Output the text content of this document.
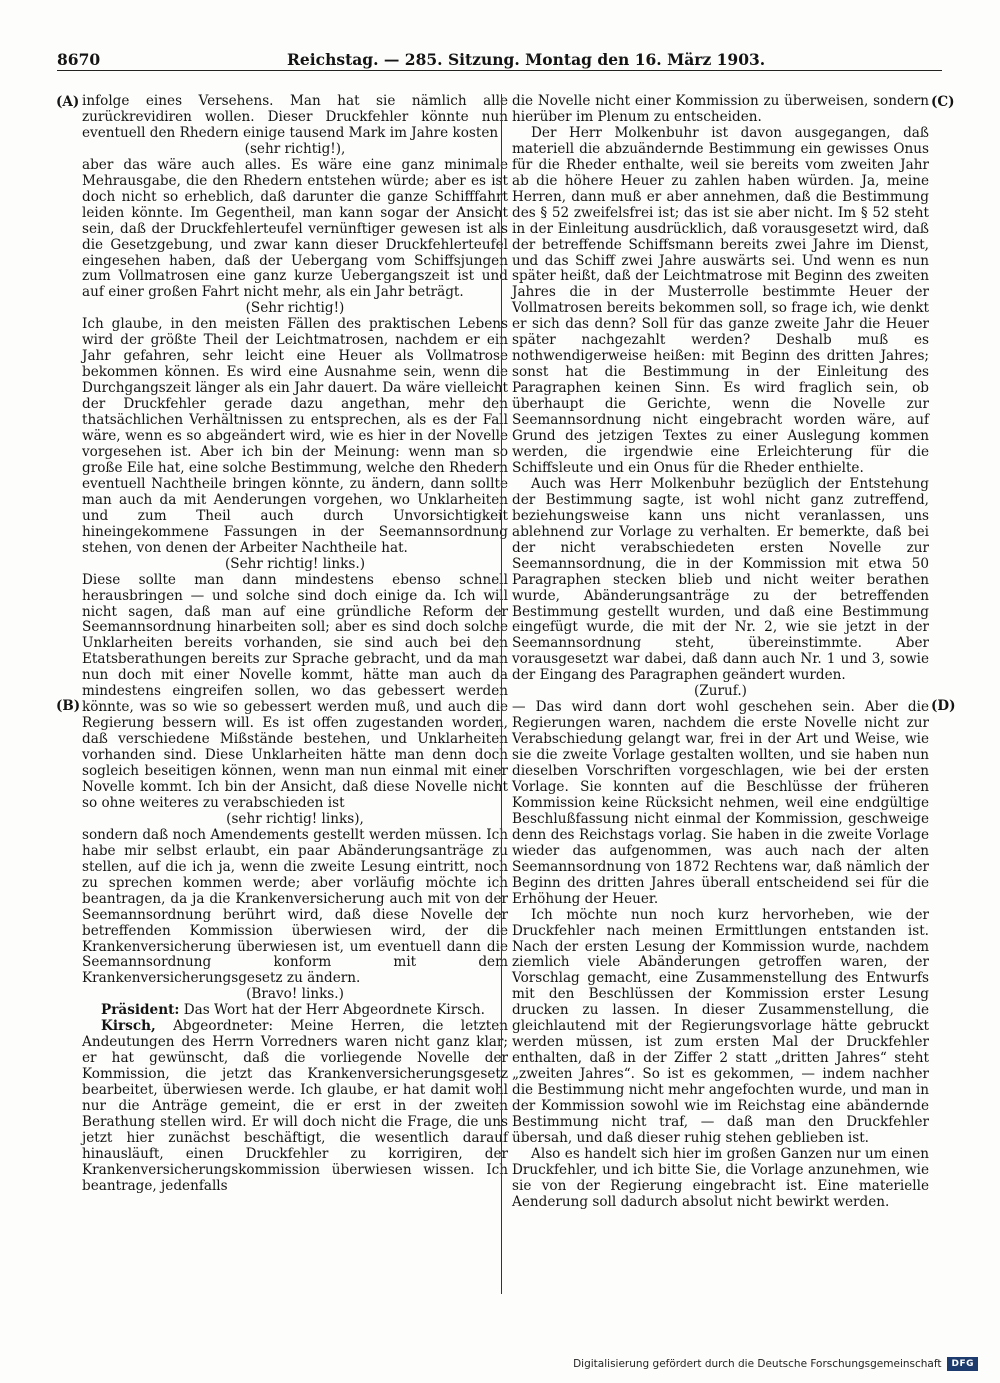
8670	Reichstag. — 285. Sitzung. Montag den 16. März 1903.
(A)
(B)
(C)
(D)

infolge eines Versehens. Man hat sie nämlich alle zurückrevidiren wollen. Dieser Druckfehler könnte nun eventuell den Rhedern einige tausend Mark im Jahre kosten

(sehr richtig!),

aber das wäre auch alles. Es wäre eine ganz minimale Mehrausgabe, die den Rhedern entstehen würde; aber es ist doch nicht so erheblich, daß darunter die ganze Schifffahrt leiden könnte. Im Gegentheil, man kann sogar der Ansicht sein, daß der Druckfehlerteufel vernünftiger gewesen ist als die Gesetzgebung, und zwar kann dieser Druckfehlerteufel eingesehen haben, daß der Uebergang vom Schiffsjungen zum Vollmatrosen eine ganz kurze Uebergangszeit ist und auf einer großen Fahrt nicht mehr, als ein Jahr beträgt.

(Sehr richtig!)

Ich glaube, in den meisten Fällen des praktischen Lebens wird der größte Theil der Leichtmatrosen, nachdem er ein Jahr gefahren, sehr leicht eine Heuer als Vollmatrose bekommen können. Es wird eine Ausnahme sein, wenn die Durchgangszeit länger als ein Jahr dauert. Da wäre vielleicht der Druckfehler gerade dazu angethan, mehr den thatsächlichen Verhältnissen zu entsprechen, als es der Fall wäre, wenn es so abgeändert wird, wie es hier in der Novelle vorgesehen ist. Aber ich bin der Meinung: wenn man so große Eile hat, eine solche Bestimmung, welche den Rhedern eventuell Nachtheile bringen könnte, zu ändern, dann sollte man auch da mit Aenderungen vorgehen, wo Unklarheiten und zum Theil auch durch Unvorsichtigkeit hineingekommene Fassungen in der Seemannsordnung stehen, von denen der Arbeiter Nachtheile hat.

(Sehr richtig! links.)

Diese sollte man dann mindestens ebenso schnell herausbringen — und solche sind doch einige da. Ich will nicht sagen, daß man auf eine gründliche Reform der Seemannsordnung hinarbeiten soll; aber es sind doch solche Unklarheiten bereits vorhanden, sie sind auch bei den Etatsberathungen bereits zur Sprache gebracht, und da man nun doch mit einer Novelle kommt, hätte man auch da mindestens eingreifen sollen, wo das gebessert werden könnte, was so wie so gebessert werden muß, und auch die Regierung bessern will. Es ist offen zugestanden worden, daß verschiedene Mißstände bestehen, und Unklarheiten vorhanden sind. Diese Unklarheiten hätte man denn doch sogleich beseitigen können, wenn man nun einmal mit einer Novelle kommt. Ich bin der Ansicht, daß diese Novelle nicht so ohne weiteres zu verabschieden ist

(sehr richtig! links),

sondern daß noch Amendements gestellt werden müssen. Ich habe mir selbst erlaubt, ein paar Abänderungsanträge zu stellen, auf die ich ja, wenn die zweite Lesung eintritt, noch zu sprechen kommen werde; aber vorläufig möchte ich beantragen, da ja die Krankenversicherung auch mit von der Seemannsordnung berührt wird, daß diese Novelle der betreffenden Kommission überwiesen wird, der die Krankenversicherung überwiesen ist, um eventuell dann die Seemannsordnung konform mit dem Krankenversicherungsgesetz zu ändern.

(Bravo! links.)

Präsident: Das Wort hat der Herr Abgeordnete Kirsch.

Kirsch, Abgeordneter: Meine Herren, die letzten Andeutungen des Herrn Vorredners waren nicht ganz klar; er hat gewünscht, daß die vorliegende Novelle der Kommission, die jetzt das Krankenversicherungsgesetz bearbeitet, überwiesen werde. Ich glaube, er hat damit wohl nur die Anträge gemeint, die er erst in der zweiten Berathung stellen wird. Er will doch nicht die Frage, die uns jetzt hier zunächst beschäftigt, die wesentlich darauf hinausläuft, einen Druckfehler zu korrigiren, der Krankenversicherungskommission überwiesen wissen. Ich beantrage, jedenfalls

die Novelle nicht einer Kommission zu überweisen, sondern hierüber im Plenum zu entscheiden.

Der Herr Molkenbuhr ist davon ausgegangen, daß materiell die abzuändernde Bestimmung ein gewisses Onus für die Rheder enthalte, weil sie bereits vom zweiten Jahr ab die höhere Heuer zu zahlen haben würden. Ja, meine Herren, dann muß er aber annehmen, daß die Bestimmung des § 52 zweifelsfrei ist; das ist sie aber nicht. Im § 52 steht in der Einleitung ausdrücklich, daß vorausgesetzt wird, daß der betreffende Schiffsmann bereits zwei Jahre im Dienst, und das Schiff zwei Jahre auswärts sei. Und wenn es nun später heißt, daß der Leichtmatrose mit Beginn des zweiten Jahres die in der Musterrolle bestimmte Heuer der Vollmatrosen bereits bekommen soll, so frage ich, wie denkt er sich das denn? Soll für das ganze zweite Jahr die Heuer später nachgezahlt werden? Deshalb muß es nothwendigerweise heißen: mit Beginn des dritten Jahres; sonst hat die Bestimmung in der Einleitung des Paragraphen keinen Sinn. Es wird fraglich sein, ob überhaupt die Gerichte, wenn die Novelle zur Seemannsordnung nicht eingebracht worden wäre, auf Grund des jetzigen Textes zu einer Auslegung kommen werden, die irgendwie eine Erleichterung für die Schiffsleute und ein Onus für die Rheder enthielte.

Auch was Herr Molkenbuhr bezüglich der Entstehung der Bestimmung sagte, ist wohl nicht ganz zutreffend, beziehungsweise kann uns nicht veranlassen, uns ablehnend zur Vorlage zu verhalten. Er bemerkte, daß bei der nicht verabschiedeten ersten Novelle zur Seemannsordnung, die in der Kommission mit etwa 50 Paragraphen stecken blieb und nicht weiter berathen wurde, Abänderungsanträge zu der betreffenden Bestimmung gestellt wurden, und daß eine Bestimmung eingefügt wurde, die mit der Nr. 2, wie sie jetzt in der Seemannsordnung steht, übereinstimmte. Aber vorausgesetzt war dabei, daß dann auch Nr. 1 und 3, sowie der Eingang des Paragraphen geändert wurden.

(Zuruf.)

— Das wird dann dort wohl geschehen sein. Aber die Regierungen waren, nachdem die erste Novelle nicht zur Verabschiedung gelangt war, frei in der Art und Weise, wie sie die zweite Vorlage gestalten wollten, und sie haben nun dieselben Vorschriften vorgeschlagen, wie bei der ersten Vorlage. Sie konnten auf die Beschlüsse der früheren Kommission keine Rücksicht nehmen, weil eine endgültige Beschlußfassung nicht einmal der Kommission, geschweige denn des Reichstags vorlag. Sie haben in die zweite Vorlage wieder das aufgenommen, was auch nach der alten Seemannsordnung von 1872 Rechtens war, daß nämlich der Beginn des dritten Jahres überall entscheidend sei für die Erhöhung der Heuer.

Ich möchte nun noch kurz hervorheben, wie der Druckfehler nach meinen Ermittlungen entstanden ist. Nach der ersten Lesung der Kommission wurde, nachdem ziemlich viele Abänderungen getroffen waren, der Vorschlag gemacht, eine Zusammenstellung des Entwurfs mit den Beschlüssen der Kommission erster Lesung drucken zu lassen. In dieser Zusammenstellung, die gleichlautend mit der Regierungsvorlage hätte gebruckt werden müssen, ist zum ersten Mal der Druckfehler enthalten, daß in der Ziffer 2 statt „dritten Jahres“ steht „zweiten Jahres“. So ist es gekommen, — indem nachher die Bestimmung nicht mehr angefochten wurde, und man in der Kommission sowohl wie im Reichstag eine abändernde Bestimmung nicht traf, — daß man den Druckfehler übersah, und daß dieser ruhig stehen geblieben ist.

Also es handelt sich hier im großen Ganzen nur um einen Druckfehler, und ich bitte Sie, die Vorlage anzunehmen, wie sie von der Regierung eingebracht ist. Eine materielle Aenderung soll dadurch absolut nicht bewirkt werden.

Digitalisierung gefördert durch die Deutsche Forschungsgemeinschaft	DFG
